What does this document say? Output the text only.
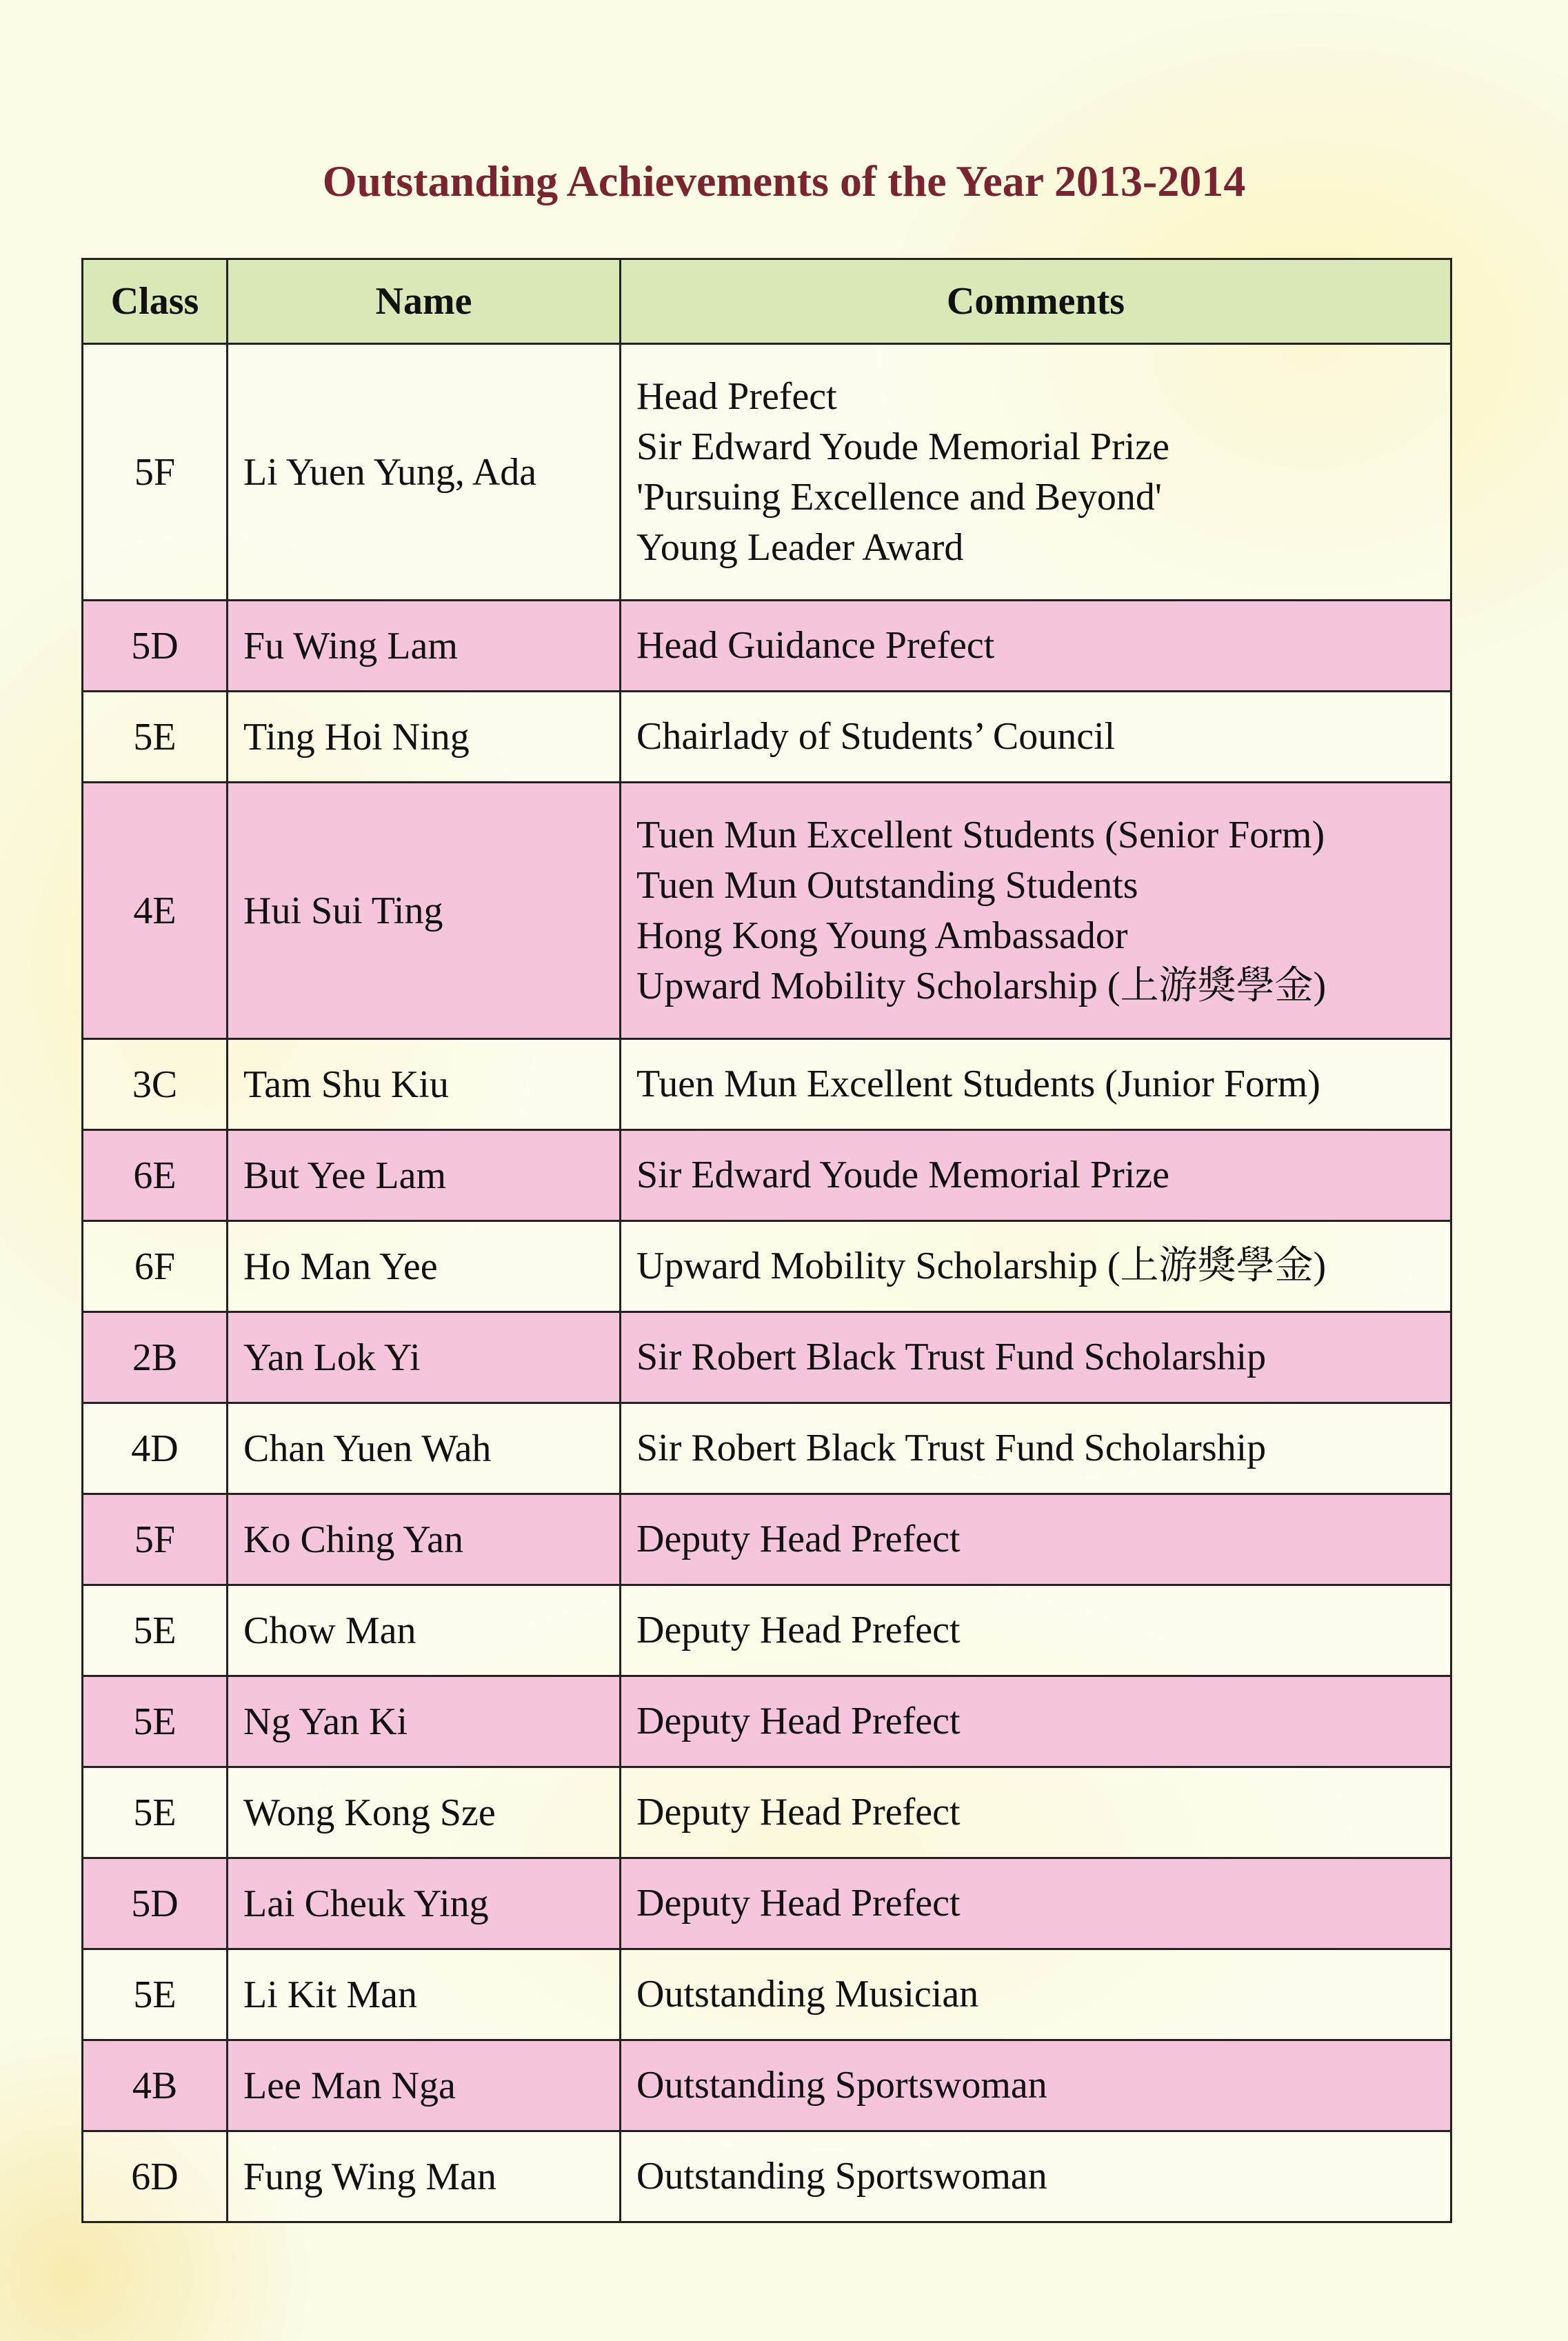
Outstanding Achievements of the Year 2013-2014
Class	Name	Comments
5F	Li Yuen Yung, Ada	Head Prefect
Sir Edward Youde Memorial Prize
'Pursuing Excellence and Beyond'
Young Leader Award

5D	Fu Wing Lam	Head Guidance Prefect

5E	Ting Hoi Ning	Chairlady of Students’ Council

4E	Hui Sui Ting	Tuen Mun Excellent Students (Senior Form)
Tuen Mun Outstanding Students
Hong Kong Young Ambassador
Upward Mobility Scholarship (上游獎學金)

3C	Tam Shu Kiu	Tuen Mun Excellent Students (Junior Form)

6E	But Yee Lam	Sir Edward Youde Memorial Prize

6F	Ho Man Yee	Upward Mobility Scholarship (上游獎學金)

2B	Yan Lok Yi	Sir Robert Black Trust Fund Scholarship

4D	Chan Yuen Wah	Sir Robert Black Trust Fund Scholarship

5F	Ko Ching Yan	Deputy Head Prefect

5E	Chow Man	Deputy Head Prefect

5E	Ng Yan Ki	Deputy Head Prefect

5E	Wong Kong Sze	Deputy Head Prefect

5D	Lai Cheuk Ying	Deputy Head Prefect

5E	Li Kit Man	Outstanding Musician

4B	Lee Man Nga	Outstanding Sportswoman

6D	Fung Wing Man	Outstanding Sportswoman
